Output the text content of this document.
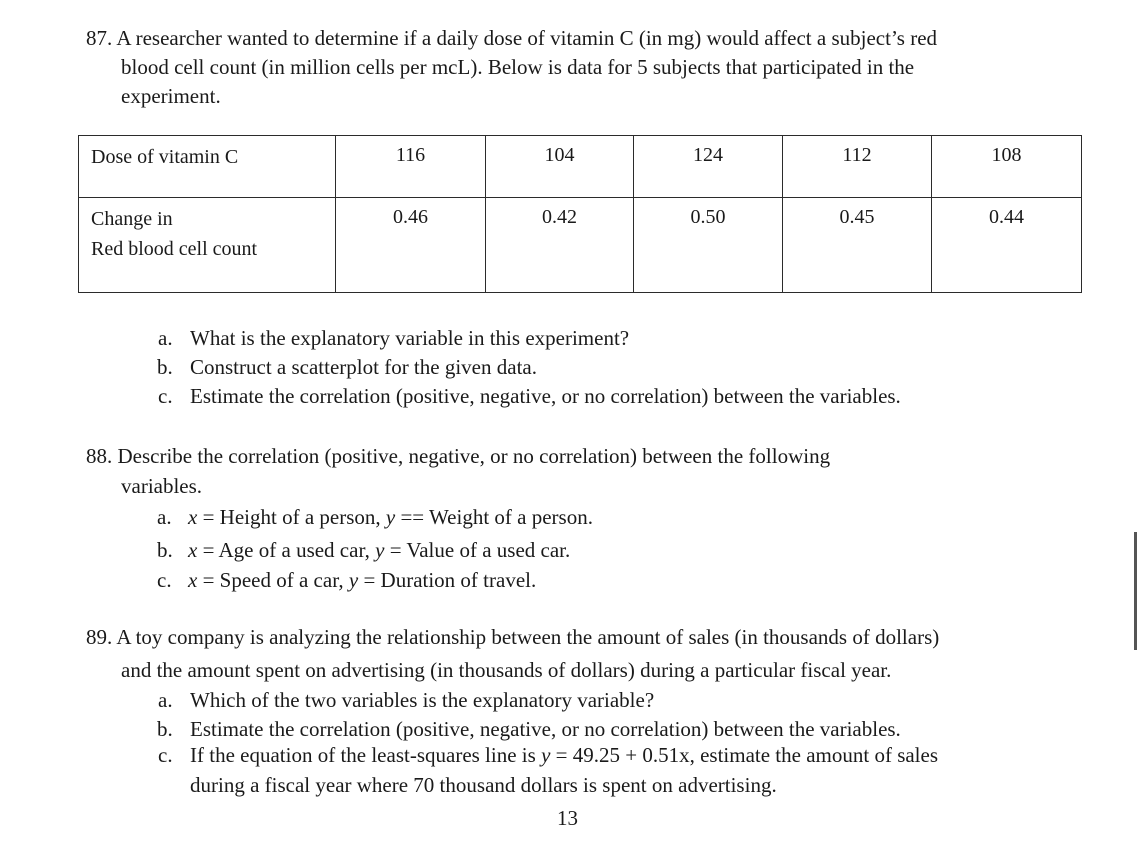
87. A researcher wanted to determine if a daily dose of vitamin C (in mg) would affect a subject’s red
blood cell count (in million cells per mcL). Below is data for 5 subjects that participated in the
experiment.
Dose of vitamin C	116	104	124	112	108
Change in
Red blood cell count	0.46	0.42	0.50	0.45	0.44
a. What is the explanatory variable in this experiment?
b. Construct a scatterplot for the given data.
c. Estimate the correlation (positive, negative, or no correlation) between the variables.
88. Describe the correlation (positive, negative, or no correlation) between the following
variables.
a. x = Height of a person, y == Weight of a person.
b. x = Age of a used car, y = Value of a used car.
c. x = Speed of a car, y = Duration of travel.
89. A toy company is analyzing the relationship between the amount of sales (in thousands of dollars)
and the amount spent on advertising (in thousands of dollars) during a particular fiscal year.
a. Which of the two variables is the explanatory variable?
b. Estimate the correlation (positive, negative, or no correlation) between the variables.
c. If the equation of the least-squares line is y = 49.25 + 0.51x, estimate the amount of sales
during a fiscal year where 70 thousand dollars is spent on advertising.
13
